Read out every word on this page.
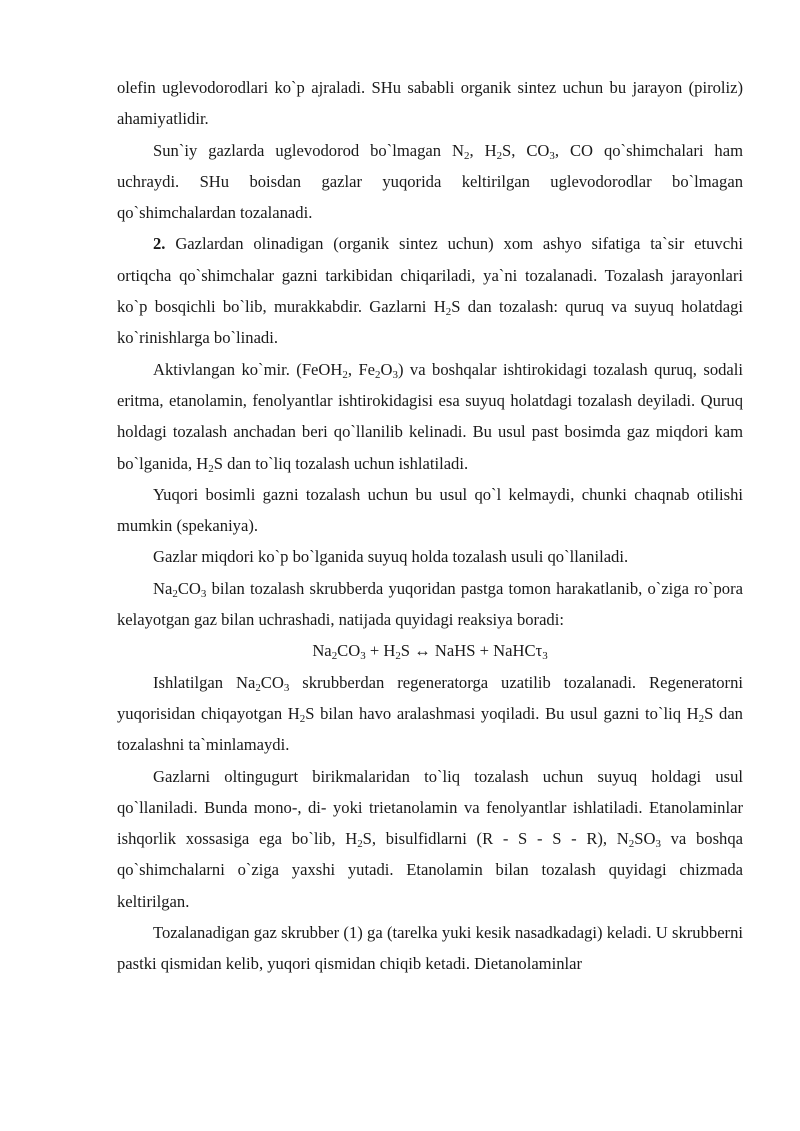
olefin uglevodorodlari ko`p ajraladi. SHu sababli organik sintez uchun bu jarayon (piroliz) ahamiyatlidir.

Sun`iy gazlarda uglevodorod bo`lmagan $N_2$, $H_2S$, $CO_3$, CO qo`shimchalari ham uchraydi. SHu boisdan gazlar yuqorida keltirilgan uglevodorodlar bo`lmagan qo`shimchalardan tozalanadi.

2. Gazlardan olinadigan (organik sintez uchun) xom ashyo sifatiga ta`sir etuvchi ortiqcha qo`shimchalar gazni tarkibidan chiqariladi, ya`ni tozalanadi. Tozalash jarayonlari ko`p bosqichli bo`lib, murakkabdir. Gazlarni $H_2S$ dan tozalash: quruq va suyuq holatdagi ko`rinishlarga bo`linadi.

Aktivlangan ko`mir. (FeOH$_2$, $Fe_2O_3$) va boshqalar ishtirokidagi tozalash quruq, sodali eritma, etanolamin, fenolyantlar ishtirokidagisi esa suyuq holatdagi tozalash deyiladi. Quruq holdagi tozalash anchadan beri qo`llanilib kelinadi. Bu usul past bosimda gaz miqdori kam bo`lganida, $H_2S$ dan to`liq tozalash uchun ishlatiladi.

Yuqori bosimli gazni tozalash uchun bu usul qo`l kelmaydi, chunki chaqnab otilishi mumkin (spekaniya).

Gazlar miqdori ko`p bo`lganida suyuq holda tozalash usuli qo`llaniladi.

$Na_2CO_3$ bilan tozalash skrubberda yuqoridan pastga tomon harakatlanib, o`ziga ro`pora kelayotgan gaz bilan uchrashadi, natijada quyidagi reaksiya boradi:

$Na_2CO_3 + H_2S$ ↔ NaHS + NaHCτ$_3$

Ishlatilgan $Na_2CO_3$ skrubberdan regeneratorga uzatilib tozalanadi. Regeneratorni yuqorisidan chiqayotgan $H_2S$ bilan havo aralashmasi yoqiladi. Bu usul gazni to`liq $H_2S$ dan tozalashni ta`minlamaydi.

Gazlarni oltingugurt birikmalaridan to`liq tozalash uchun suyuq holdagi usul qo`llaniladi. Bunda mono-, di- yoki trietanolamin va fenolyantlar ishlatiladi. Etanolaminlar ishqorlik xossasiga ega bo`lib, $H_2S$, bisulfidlarni (R - S - S - R), $N_2SO_3$ va boshqa qo`shimchalarni o`ziga yaxshi yutadi. Etanolamin bilan tozalash quyidagi chizmada keltirilgan.

Tozalanadigan gaz skrubber (1) ga (tarelka yuki kesik nasadkadagi) keladi. U skrubberni pastki qismidan kelib, yuqori qismidan chiqib ketadi. Dietanolaminlar
